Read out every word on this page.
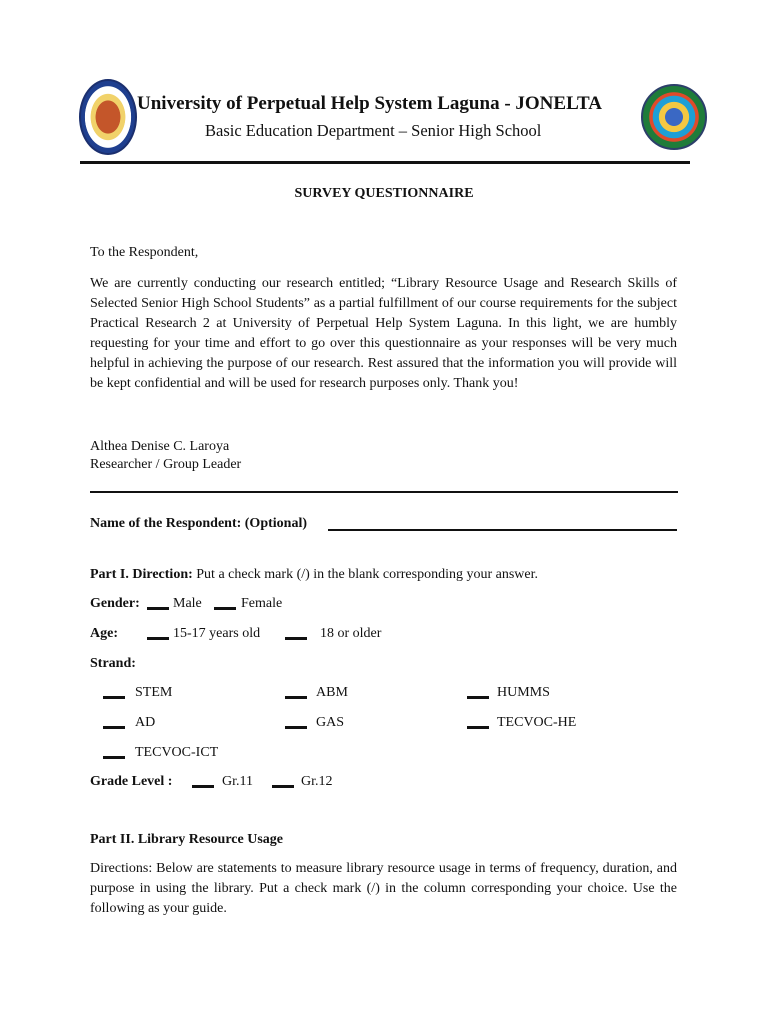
University of Perpetual Help System Laguna - JONELTA
Basic Education Department – Senior High School
SURVEY QUESTIONNAIRE
To the Respondent,
We are currently conducting our research entitled; “Library Resource Usage and Research Skills of Selected Senior High School Students” as a partial fulfillment of our course requirements for the subject Practical Research 2 at University of Perpetual Help System Laguna. In this light, we are humbly requesting for your time and effort to go over this questionnaire as your responses will be very much helpful in achieving the purpose of our research. Rest assured that the information you will provide will be kept confidential and will be used for research purposes only. Thank you!
Althea Denise C. Laroya
Researcher / Group Leader
Name of the Respondent: (Optional)
Part I. Direction: Put a check mark (/) in the blank corresponding your answer.
Gender: Male	Female
Age:	15-17 years old	18 or older
Strand:
STEM	ABM	HUMMS
AD	GAS	TECVOC-HE
TECVOC-ICT
Grade Level :	Gr.11	Gr.12
Part II. Library Resource Usage
Directions: Below are statements to measure library resource usage in terms of frequency, duration, and purpose in using the library. Put a check mark (/) in the column corresponding your choice. Use the following as your guide.
